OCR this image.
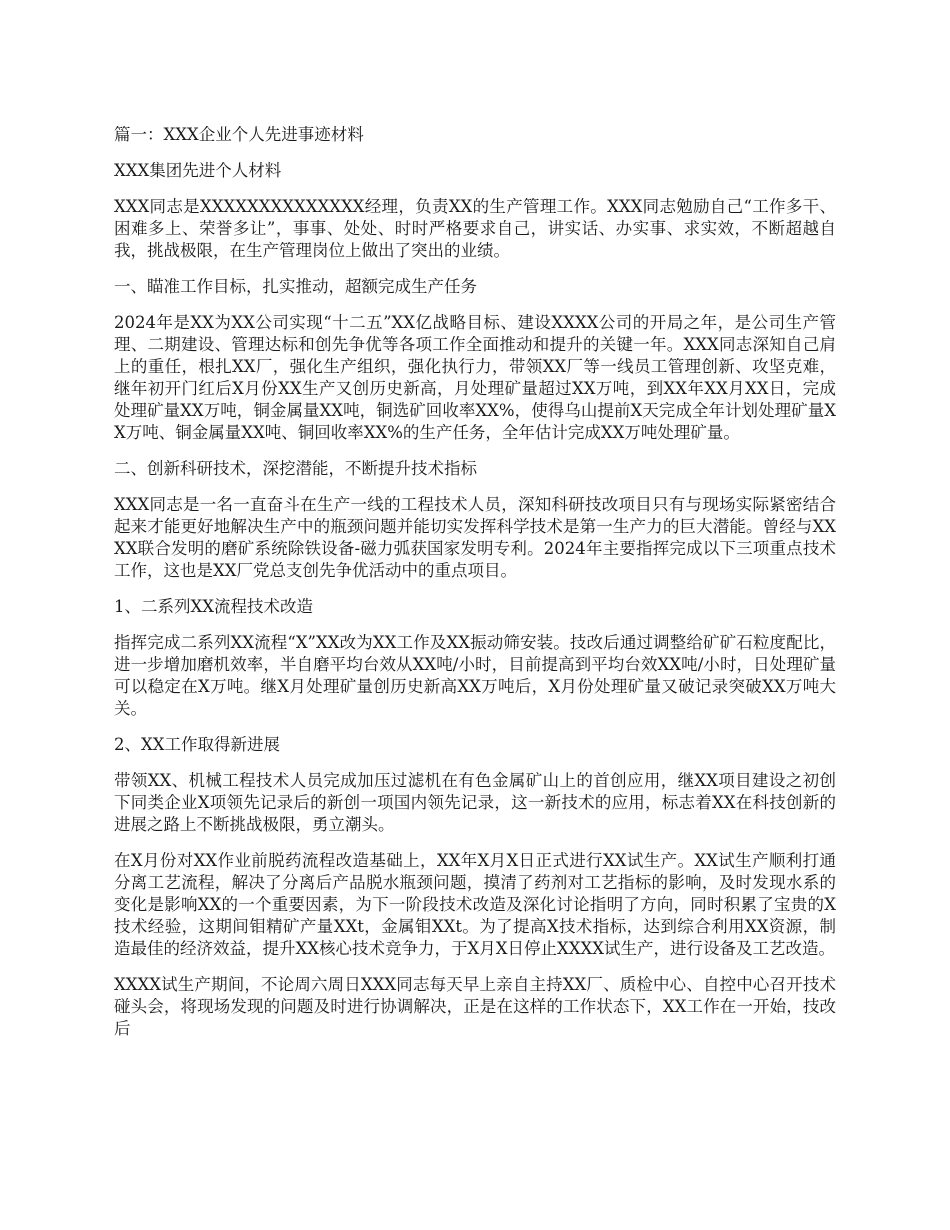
篇一：XXX企业个人先进事迹材料

XXX集团先进个人材料

XXX同志是XXXXXXXXXXXXXX经理，负责XX的生产管理工作。XXX同志勉励自己“工作多干、困难多上、荣誉多让”，事事、处处、时时严格要求自己，讲实话、办实事、求实效，不断超越自我，挑战极限，在生产管理岗位上做出了突出的业绩。

一、瞄准工作目标，扎实推动，超额完成生产任务

2024年是XX为XX公司实现“十二五”XX亿战略目标、建设XXXX公司的开局之年，是公司生产管理、二期建设、管理达标和创先争优等各项工作全面推动和提升的关键一年。XXX同志深知自己肩上的重任，根扎XX厂，强化生产组织，强化执行力，带领XX厂等一线员工管理创新、攻坚克难，继年初开门红后X月份XX生产又创历史新高，月处理矿量超过XX万吨，到XX年XX月XX日，完成处理矿量XX万吨，铜金属量XX吨，铜选矿回收率XX%，使得乌山提前X天完成全年计划处理矿量XX万吨、铜金属量XX吨、铜回收率XX%的生产任务，全年估计完成XX万吨处理矿量。

二、创新科研技术，深挖潜能，不断提升技术指标

XXX同志是一名一直奋斗在生产一线的工程技术人员，深知科研技改项目只有与现场实际紧密结合起来才能更好地解决生产中的瓶颈问题并能切实发挥科学技术是第一生产力的巨大潜能。曾经与XXXX联合发明的磨矿系统除铁设备-磁力弧获国家发明专利。2024年主要指挥完成以下三项重点技术工作，这也是XX厂党总支创先争优活动中的重点项目。

1、二系列XX流程技术改造

指挥完成二系列XX流程“X”XX改为XX工作及XX振动筛安装。技改后通过调整给矿矿石粒度配比，进一步增加磨机效率，半自磨平均台效从XX吨/小时，目前提高到平均台效XX吨/小时，日处理矿量可以稳定在X万吨。继X月处理矿量创历史新高XX万吨后，X月份处理矿量又破记录突破XX万吨大关。

2、XX工作取得新进展

带领XX、机械工程技术人员完成加压过滤机在有色金属矿山上的首创应用，继XX项目建设之初创下同类企业X项领先记录后的新创一项国内领先记录，这一新技术的应用，标志着XX在科技创新的进展之路上不断挑战极限，勇立潮头。

在X月份对XX作业前脱药流程改造基础上，XX年X月X日正式进行XX试生产。XX试生产顺利打通分离工艺流程，解决了分离后产品脱水瓶颈问题，摸清了药剂对工艺指标的影响，及时发现水系的变化是影响XX的一个重要因素，为下一阶段技术改造及深化讨论指明了方向，同时积累了宝贵的X技术经验，这期间钼精矿产量XXt，金属钼XXt。为了提高X技术指标，达到综合利用XX资源，制造最佳的经济效益，提升XX核心技术竞争力，于X月X日停止XXXX试生产，进行设备及工艺改造。

XXXX试生产期间，不论周六周日XXX同志每天早上亲自主持XX厂、质检中心、自控中心召开技术碰头会，将现场发现的问题及时进行协调解决，正是在这样的工作状态下，XX工作在一开始，技改后
